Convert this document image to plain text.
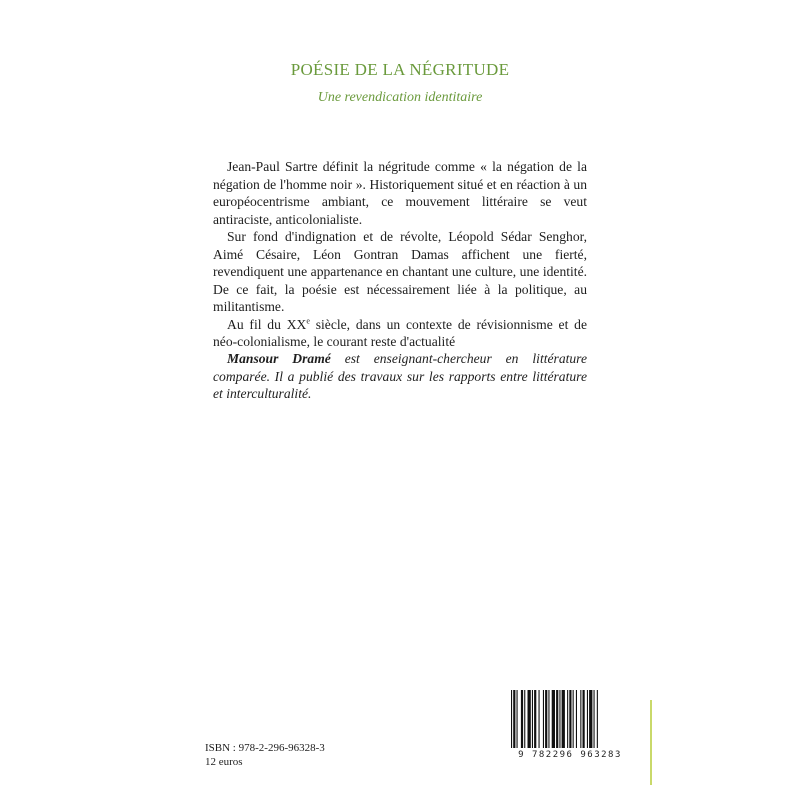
POÉSIE DE LA NÉGRITUDE
Une revendication identitaire

Jean-Paul Sartre définit la négritude comme « la négation de la négation de l'homme noir ». Historiquement situé et en réaction à un européocentrisme ambiant, ce mouvement littéraire se veut antiraciste, anticolonialiste.

Sur fond d'indignation et de révolte, Léopold Sédar Senghor, Aimé Césaire, Léon Gontran Damas affichent une fierté, revendiquent une appartenance en chantant une culture, une identité. De ce fait, la poésie est nécessairement liée à la politique, au militantisme.

Au fil du XXe siècle, dans un contexte de révisionnisme et de néo-colonialisme, le courant reste d'actualité

Mansour Dramé est enseignant-chercheur en littérature comparée. Il a publié des travaux sur les rapports entre littérature et interculturalité.

ISBN : 978-2-296-96328-3
12 euros
9 782296 963283
